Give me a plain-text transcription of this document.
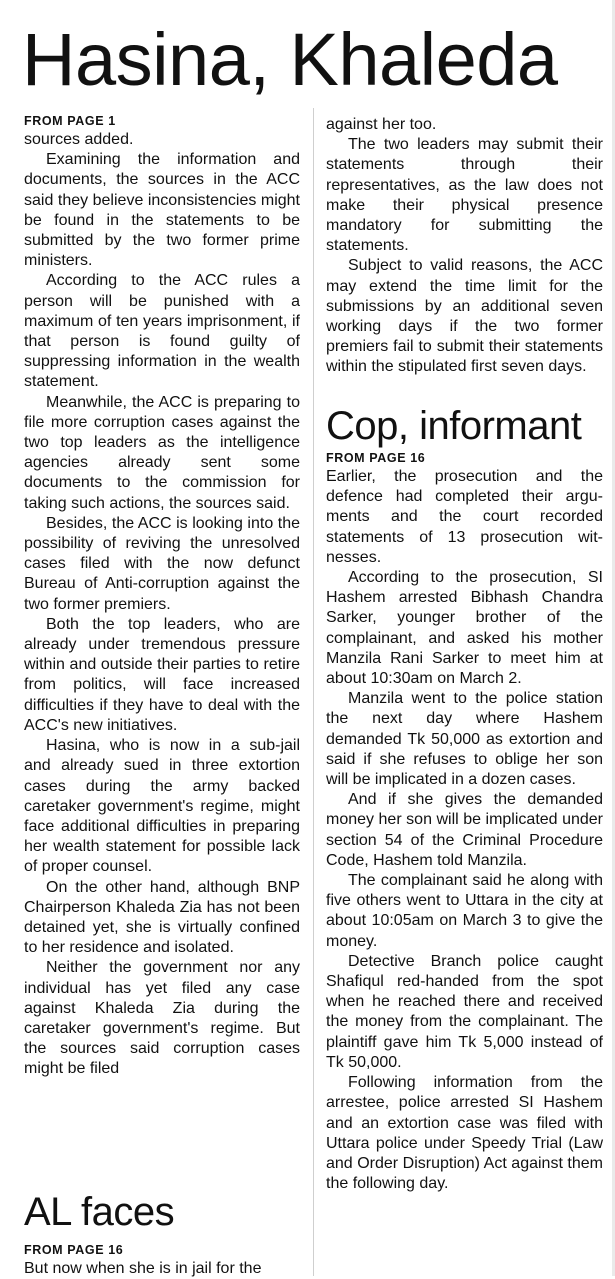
Hasina, Khaleda
FROM PAGE 1

sources added.

Examining the information and documents, the sources in the ACC said they believe inconsistencies might be found in the statements to be submitted by the two former prime ministers.

According to the ACC rules a person will be punished with a maximum of ten years imprisonment, if that person is found guilty of suppressing information in the wealth statement.

Meanwhile, the ACC is preparing to file more corruption cases against the two top leaders as the intelligence agencies already sent some documents to the commission for taking such actions, the sources said.

Besides, the ACC is looking into the possibility of reviving the unresolved cases filed with the now defunct Bureau of Anti-corruption against the two former premiers.

Both the top leaders, who are already under tremendous pressure within and outside their parties to retire from politics, will face increased difficulties if they have to deal with the ACC's new initiatives.

Hasina, who is now in a sub-jail and already sued in three extortion cases during the army backed caretaker government's regime, might face additional difficulties in preparing her wealth statement for possible lack of proper counsel.

On the other hand, although BNP Chairperson Khaleda Zia has not been detained yet, she is virtually confined to her residence and isolated.

Neither the government nor any individual has yet filed any case against Khaleda Zia during the caretaker government's regime. But the sources said corruption cases might be filed

against her too.

The two leaders may submit their statements through their representatives, as the law does not make their physical presence mandatory for submitting the statements.

Subject to valid reasons, the ACC may extend the time limit for the submissions by an additional seven working days if the two former premiers fail to submit their statements within the stipulated first seven days.

Cop, informant
FROM PAGE 16

Earlier, the prosecution and the defence had completed their arguments and the court recorded statements of 13 prosecution witnesses.

According to the prosecution, SI Hashem arrested Bibhash Chandra Sarker, younger brother of the complainant, and asked his mother Manzila Rani Sarker to meet him at about 10:30am on March 2.

Manzila went to the police station the next day where Hashem demanded Tk 50,000 as extortion and said if she refuses to oblige her son will be implicated in a dozen cases.

And if she gives the demanded money her son will be implicated under section 54 of the Criminal Procedure Code, Hashem told Manzila.

The complainant said he along with five others went to Uttara in the city at about 10:05am on March 3 to give the money.

Detective Branch police caught Shafiqul red-handed from the spot when he reached there and received the money from the complainant. The plaintiff gave him Tk 5,000 instead of Tk 50,000.

Following information from the arrestee, police arrested SI Hashem and an extortion case was filed with Uttara police under Speedy Trial (Law and Order Disruption) Act against them the following day.

AL faces
FROM PAGE 16

But now when she is in jail for the
